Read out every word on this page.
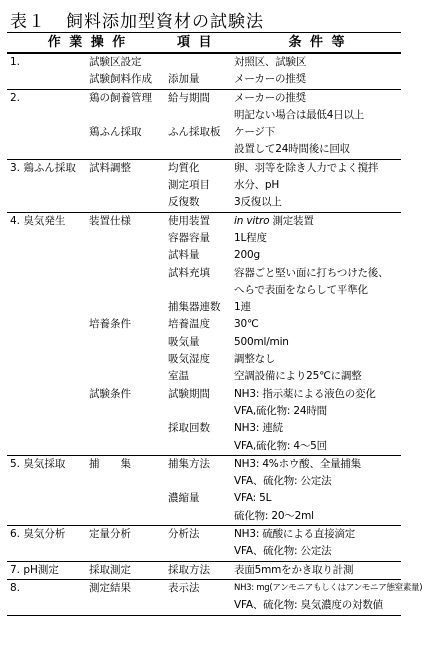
表１ 飼料添加型資材の試験法
作 業 操 作		項 目	条 件 等
1.	試験区設定		対照区、試験区
	試験飼料作成	添加量	メーカーの推奨
2.	鶏の飼養管理	給与期間	メーカーの推奨
			明記ない場合は最低4日以上
	鶏ふん採取	ふん採取板	ケージ下
			設置して24時間後に回収
3. 鶏ふん採取	試料調整	均質化	卵、羽等を除き人力でよく撹拌
		測定項目	水分、pH
		反復数	3反復以上
4. 臭気発生	装置仕様	使用装置	in vitro 測定装置
		容器容量	1L程度
		試料量	200g
		試料充填	容器ごと堅い面に打ちつけた後、
			へらで表面をならして平準化
		捕集器連数	1連
	培養条件	培養温度	30℃
		吸気量	500ml/min
		吸気湿度	調整なし
		室温	空調設備により25℃に調整
	試験条件	試験期間	NH3: 指示薬による液色の変化
			VFA,硫化物: 24時間
		採取回数	NH3: 連続
			VFA,硫化物: 4～5回
5. 臭気採取	捕　　集	捕集方法	NH3: 4%ホウ酸、全量捕集
			VFA、硫化物: 公定法
		濃縮量	VFA: 5L
			硫化物: 20～2ml
6. 臭気分析	定量分析	分析法	NH3: 硫酸による直接滴定
			VFA、硫化物: 公定法
7. pH測定	採取測定	採取方法	表面5mmをかき取り計測
8.	測定結果	表示法	NH3: mg(アンモニアもしくはアンモニア態窒素量)
			VFA、硫化物: 臭気濃度の対数値
